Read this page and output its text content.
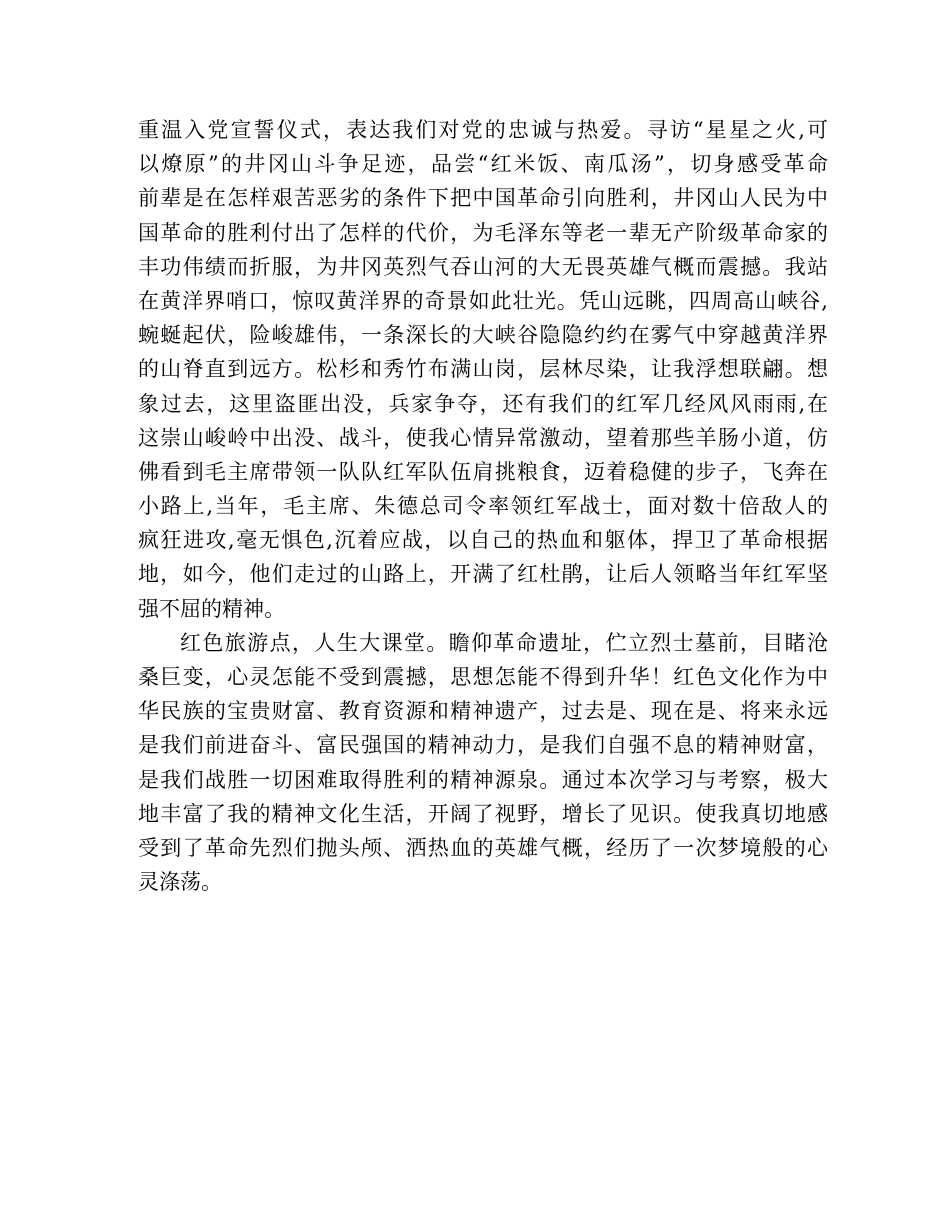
重温入党宣誓仪式，表达我们对党的忠诚与热爱。寻访“星星之火,可
以燎原”的井冈山斗争足迹，品尝“红米饭、南瓜汤”，切身感受革命
前辈是在怎样艰苦恶劣的条件下把中国革命引向胜利，井冈山人民为中
国革命的胜利付出了怎样的代价，为毛泽东等老一辈无产阶级革命家的
丰功伟绩而折服，为井冈英烈气吞山河的大无畏英雄气概而震撼。我站
在黄洋界哨口，惊叹黄洋界的奇景如此壮光。凭山远眺，四周高山峡谷,
蜿蜒起伏，险峻雄伟，一条深长的大峡谷隐隐约约在雾气中穿越黄洋界
的山脊直到远方。松杉和秀竹布满山岗，层林尽染，让我浮想联翩。想
象过去，这里盗匪出没，兵家争夺，还有我们的红军几经风风雨雨,在
这崇山峻岭中出没、战斗，使我心情异常激动，望着那些羊肠小道，仿
佛看到毛主席带领一队队红军队伍肩挑粮食，迈着稳健的步子，飞奔在
小路上,当年，毛主席、朱德总司令率领红军战士，面对数十倍敌人的
疯狂进攻,毫无惧色,沉着应战，以自己的热血和躯体，捍卫了革命根据
地，如今，他们走过的山路上，开满了红杜鹃，让后人领略当年红军坚
强不屈的精神。
红色旅游点，人生大课堂。瞻仰革命遗址，伫立烈士墓前，目睹沧
桑巨变，心灵怎能不受到震撼，思想怎能不得到升华！红色文化作为中
华民族的宝贵财富、教育资源和精神遗产，过去是、现在是、将来永远
是我们前进奋斗、富民强国的精神动力，是我们自强不息的精神财富，
是我们战胜一切困难取得胜利的精神源泉。通过本次学习与考察，极大
地丰富了我的精神文化生活，开阔了视野，增长了见识。使我真切地感
受到了革命先烈们抛头颅、洒热血的英雄气概，经历了一次梦境般的心
灵涤荡。
